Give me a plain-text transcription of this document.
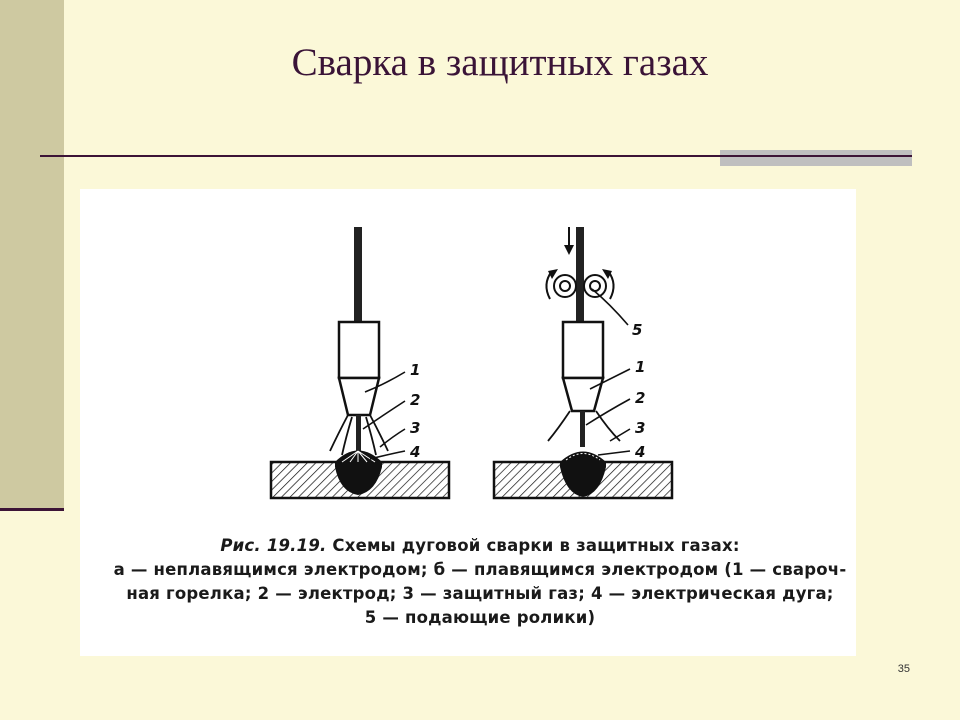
Сварка в защитных газах
1
2
3
4
5
1
2
3
4
Рис. 19.19. Схемы дуговой сварки в защитных газах:
а — неплавящимся электродом; б — плавящимся электродом (1 — свароч-
ная горелка; 2 — электрод; 3 — защитный газ; 4 — электрическая дуга;
5 — подающие ролики)
35
